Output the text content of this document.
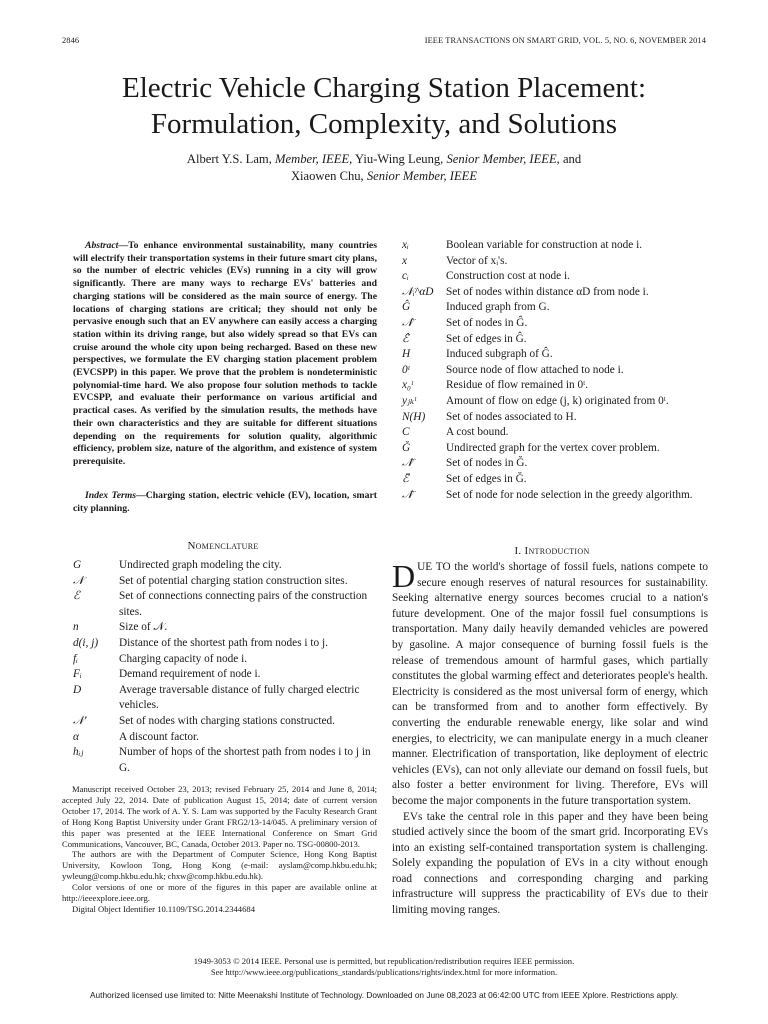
2846	IEEE TRANSACTIONS ON SMART GRID, VOL. 5, NO. 6, NOVEMBER 2014
Electric Vehicle Charging Station Placement:
Formulation, Complexity, and Solutions
Albert Y.S. Lam, Member, IEEE, Yiu-Wing Leung, Senior Member, IEEE, and
Xiaowen Chu, Senior Member, IEEE
Abstract—To enhance environmental sustainability, many countries will electrify their transportation systems in their future smart city plans, so the number of electric vehicles (EVs) running in a city will grow significantly. There are many ways to recharge EVs' batteries and charging stations will be considered as the main source of energy. The locations of charging stations are critical; they should not only be pervasive enough such that an EV anywhere can easily access a charging station within its driving range, but also widely spread so that EVs can cruise around the whole city upon being recharged. Based on these new perspectives, we formulate the EV charging station placement problem (EVCSPP) in this paper. We prove that the problem is nondeterministic polynomial-time hard. We also propose four solution methods to tackle EVCSPP, and evaluate their performance on various artificial and practical cases. As verified by the simulation results, the methods have their own characteristics and they are suitable for different situations depending on the requirements for solution quality, algorithmic efficiency, problem size, nature of the algorithm, and existence of system prerequisite.
Index Terms—Charging station, electric vehicle (EV), location, smart city planning.
Nomenclature
G	Undirected graph modeling the city.
𝒩	Set of potential charging station construction sites.
ℰ	Set of connections connecting pairs of the construction sites.
n	Size of 𝒩.
d(i, j)	Distance of the shortest path from nodes i to j.
fᵢ	Charging capacity of node i.
Fᵢ	Demand requirement of node i.
D	Average traversable distance of fully charged electric vehicles.
𝒩′	Set of nodes with charging stations constructed.
α	A discount factor.
hᵢⱼ	Number of hops of the shortest path from nodes i to j in G.
xᵢ	Boolean variable for construction at node i.
x	Vector of xᵢ's.
cᵢ	Construction cost at node i.
𝒩ᵢ^αD	Set of nodes within distance αD from node i.
Ĝ	Induced graph from G.
𝒩̂	Set of nodes in Ĝ.
ℰ̂	Set of edges in Ĝ.
H	Induced subgraph of Ĝ.
0ᵗ	Source node of flow attached to node i.
x₀ᵗ	Residue of flow remained in 0ᵗ.
yⱼₖᵗ	Amount of flow on edge (j, k) originated from 0ᵗ.
N(H)	Set of nodes associated to H.
C	A cost bound.
Ğ	Undirected graph for the vertex cover problem.
𝒩̆	Set of nodes in Ğ.
ℰ̆	Set of edges in Ğ.
𝒩̄	Set of node for node selection in the greedy algorithm.

Manuscript received October 23, 2013; revised February 25, 2014 and June 8, 2014; accepted July 22, 2014. Date of publication August 15, 2014; date of current version October 17, 2014. The work of A. Y. S. Lam was supported by the Faculty Research Grant of Hong Kong Baptist University under Grant FRG2/13-14/045. A preliminary version of this paper was presented at the IEEE International Conference on Smart Grid Communications, Vancouver, BC, Canada, October 2013. Paper no. TSG-00800-2013.

The authors are with the Department of Computer Science, Hong Kong Baptist University, Kowloon Tong, Hong Kong (e-mail: ayslam@comp.hkbu.edu.hk; ywleung@comp.hkbu.edu.hk; chxw@comp.hkbu.edu.hk).

Color versions of one or more of the figures in this paper are available online at http://ieeexplore.ieee.org.

Digital Object Identifier 10.1109/TSG.2014.2344684

I. Introduction

DUE TO the world's shortage of fossil fuels, nations compete to secure enough reserves of natural resources for sustainability. Seeking alternative energy sources becomes crucial to a nation's future development. One of the major fossil fuel consumptions is transportation. Many daily heavily demanded vehicles are powered by gasoline. A major consequence of burning fossil fuels is the release of tremendous amount of harmful gases, which partially constitutes the global warming effect and deteriorates people's health. Electricity is considered as the most universal form of energy, which can be transformed from and to another form effectively. By converting the endurable renewable energy, like solar and wind energies, to electricity, we can manipulate energy in a much cleaner manner. Electrification of transportation, like deployment of electric vehicles (EVs), can not only alleviate our demand on fossil fuels, but also foster a better environment for living. Therefore, EVs will become the major components in the future transportation system.

EVs take the central role in this paper and they have been being studied actively since the boom of the smart grid. Incorporating EVs into an existing self-contained transportation system is challenging. Solely expanding the population of EVs in a city without enough road connections and corresponding charging and parking infrastructure will suppress the practicability of EVs due to their limiting moving ranges.

1949-3053 © 2014 IEEE. Personal use is permitted, but republication/redistribution requires IEEE permission.
See http://www.ieee.org/publications_standards/publications/rights/index.html for more information.
Authorized licensed use limited to: Nitte Meenakshi Institute of Technology. Downloaded on June 08,2023 at 06:42:00 UTC from IEEE Xplore. Restrictions apply.
